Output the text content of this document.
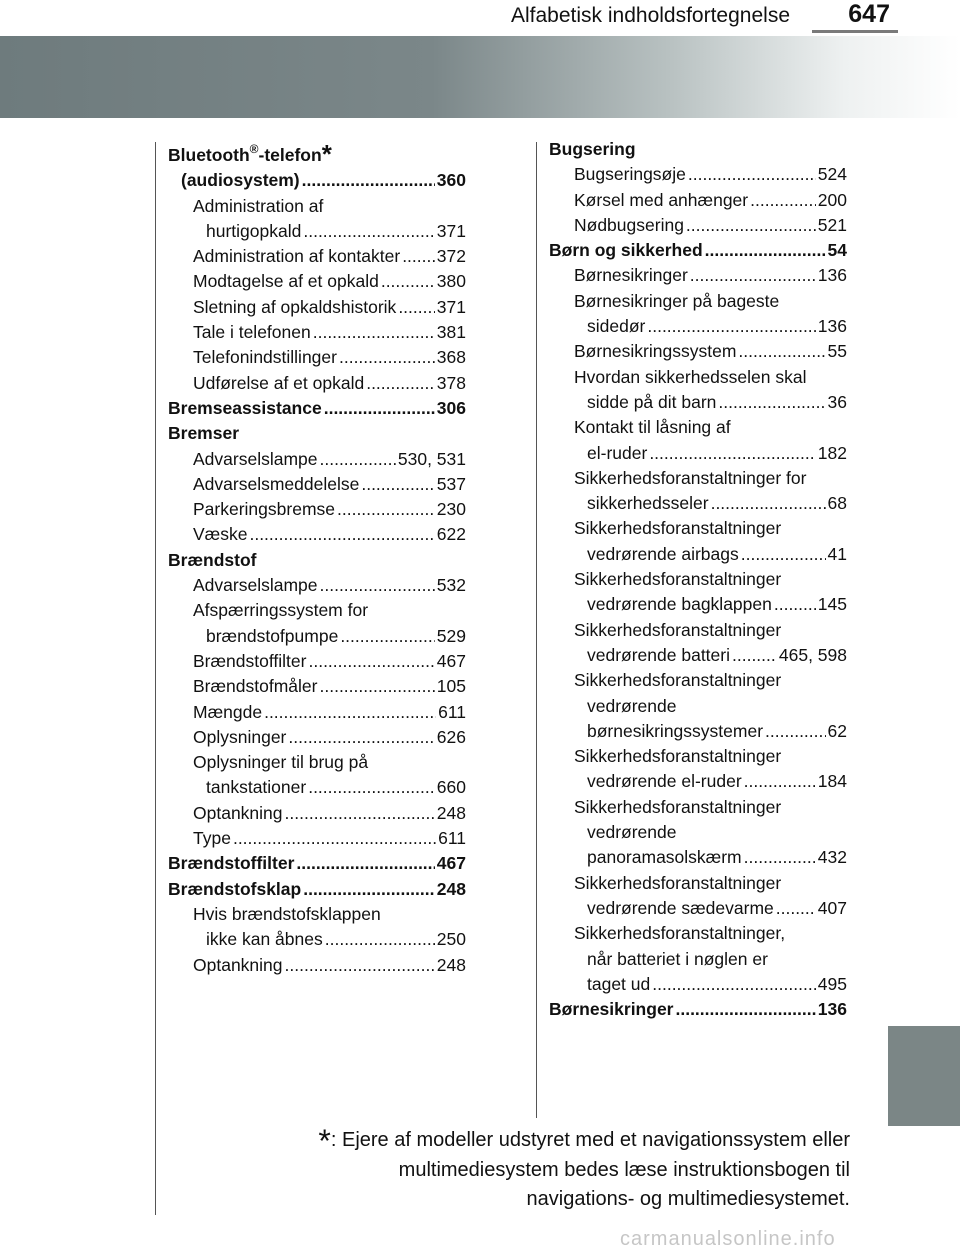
Alfabetisk indholdsfortegnelse 647
Bluetooth®-telefon*
(audiosystem) .....	360
Administration af
hurtigopkald .....	371
Administration af kontakter ..... 372
Modtagelse af et opkald .....	380
Sletning af opkaldshistorik ..... 371
Tale i telefonen .....	381
Telefonindstillinger .....	368
Udførelse af et opkald .....	378
Bremseassistance .....	306
Bremser
Advarselslampe .....	530, 531
Advarselsmeddelelse .....	537
Parkeringsbremse .....	230
Væske .....	622
Brændstof
Advarselslampe .....	532
Afspærringssystem for
brændstofpumpe .....	529
Brændstoffilter .....	467
Brændstofmåler .....	105
Mængde .....	611
Oplysninger .....	626
Oplysninger til brug på
tankstationer .....	660
Optankning .....	248
Type .....	611
Brændstoffilter .....	467
Brændstofsklap .....	248
Hvis brændstofsklappen
ikke kan åbnes .....	250
Optankning .....	248
Bugsering
Bugseringsøje .....	524
Kørsel med anhænger .....	200
Nødbugsering .....	521
Børn og sikkerhed .....	54
Børnesikringer .....	136
Børnesikringer på bageste
sidedør .....	136
Børnesikringssystem .....	55
Hvordan sikkerhedsselen skal
sidde på dit barn .....	36
Kontakt til låsning af
el-ruder .....	182
Sikkerhedsforanstaltninger for
sikkerhedsseler .....	68
Sikkerhedsforanstaltninger
vedrørende airbags .....	41
Sikkerhedsforanstaltninger
vedrørende bagklappen .....	145
Sikkerhedsforanstaltninger
vedrørende batteri .....	465, 598
Sikkerhedsforanstaltninger
vedrørende
børnesikringssystemer .....	62
Sikkerhedsforanstaltninger
vedrørende el-ruder .....	184
Sikkerhedsforanstaltninger
vedrørende
panoramasolskærm .....	432
Sikkerhedsforanstaltninger
vedrørende sædevarme .....	407
Sikkerhedsforanstaltninger,
når batteriet i nøglen er
taget ud .....	495
Børnesikringer .....	136
*: Ejere af modeller udstyret med et navigationssystem eller
multimediesystem bedes læse instruktionsbogen til
navigations- og multimediesystemet.
carmanualsonline.info
